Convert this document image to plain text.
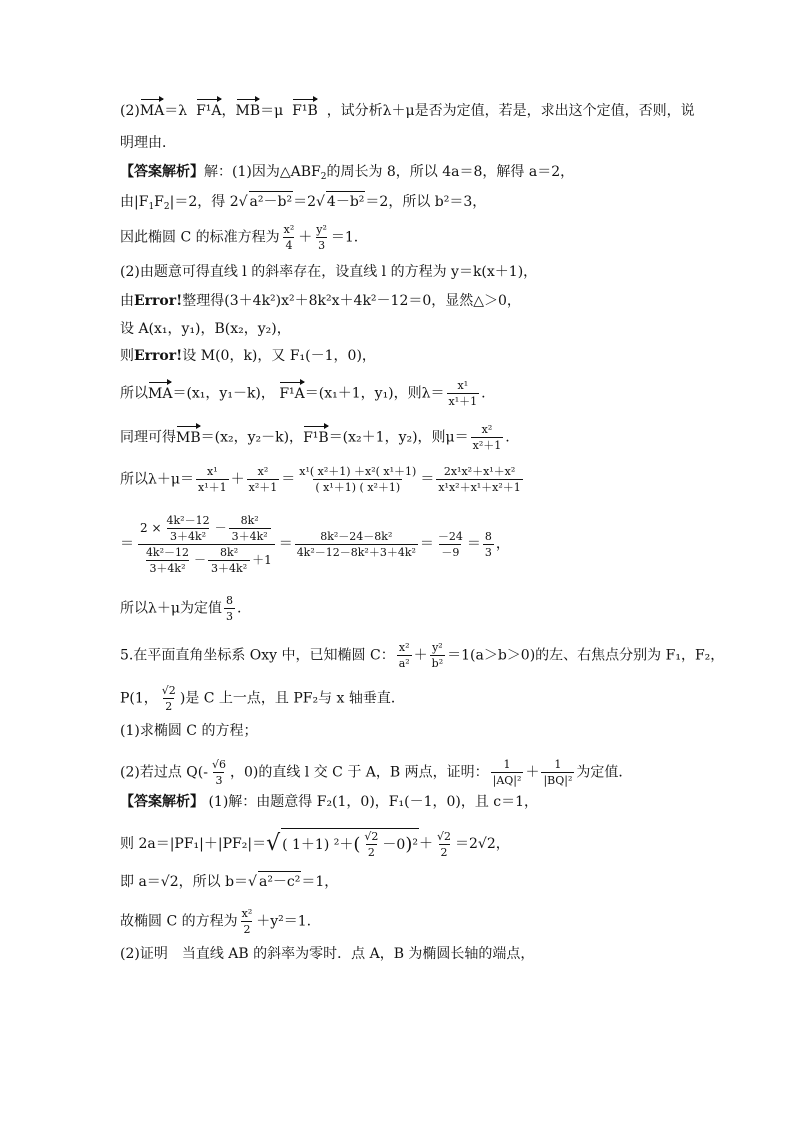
(2)MA＝λ F¹A，MB＝μ F¹B ，试分析λ＋μ是否为定值，若是，求出这个定值，否则，说
明理由．
【答案解析】解：(1)因为$\triangle ABF_2$的周长为 8，所以 4a＝8，解得 a＝2，
由$|F_1F_2|=2$，得 2√ a²－b²＝2√ 4－b²＝2，所以 b²＝3，
因此椭圆 C 的标准方程为 $\frac{\text{x²}}{4} + \frac{\text{y²}}{3} =1$.
(2)由题意可得直线 l 的斜率存在，设直线 l 的方程为 y＝k(x＋1)，
由Error!整理得(3＋4k²)x²＋8k²x＋4k²－12＝0，显然△＞0，
设 A(x₁，y₁)，B(x₂，y₂)，
则Error!设 M(0，k)，又 F₁(－1，0)，
所以MA＝(x₁，y₁－k)， F¹A＝(x₁＋1，y₁)，则$\lambda= \frac{\text{x¹}}{\text{x¹＋1}}$ .
同理可得MB＝(x₂，y₂－k)，F¹B＝(x₂＋1，y₂)，则$\mu= \frac{\text{x²}}{\text{x²＋1}}$ .
所以$\lambda+\mu= \frac{\text{x¹}}{\text{x¹＋1}} + \frac{\text{x²}}{\text{x²＋1}} = \frac{\text{x¹( x²＋1) ＋x²( x¹＋1)}}{\text{( x¹＋1) ( x²＋1)}} = \frac{\text{2x¹x²＋x¹＋x²}}{\text{x¹x²＋x¹＋x²＋1}}$
＝ $\frac{2 \times \frac{\text{4k²－12}}{\text{3＋4k²}} - \frac{\text{8k²}}{\text{3＋4k²}}}{\frac{\text{4k²－12}}{\text{3＋4k²}} - \frac{\text{8k²}}{\text{3＋4k²}} +1} = \frac{\text{8k²－24－8k²}}{\text{4k²－12－8k²＋3＋4k²}} = \frac{-24}{-9} = \frac{8}{3}$ ，
所以λ＋μ为定值 $\frac{8}{3}$ .
5.在平面直角坐标系 Oxy 中，已知椭圆 C： $\frac{\text{x²}}{\text{a²}} + \frac{\text{y²}}{\text{b²}} =1(a>b>0)$的左、右焦点分别为 F₁，F₂，
P(1， $\frac{√2}{2}$ )是 C 上一点，且 PF₂与 x 轴垂直．
(1)求椭圆 C 的方程；
(2)若过点 $Q(- \frac{√6}{3}$ ，0)的直线 l 交 C 于 A，B 两点，证明： $\frac{1}{\text{|AQ|²}} + \frac{1}{\text{|BQ|²}}$ 为定值．
【答案解析】 (1)解：由题意得 F₂(1，0)，F₁(－1，0)，且 c＝1，
则 2a＝|PF₁|＋|PF₂|＝ √ ( 1＋1) ²＋ ( $\frac{√2}{2} -0$ ) $^2 + \frac{√2}{2} =2√2$，
即 a＝√2，所以 b＝√ a²－c²＝1，
故椭圆 C 的方程为 $\frac{\text{x²}}{2} +y^2=1$.
(2)证明　当直线 AB 的斜率为零时．点 A，B 为椭圆长轴的端点，
